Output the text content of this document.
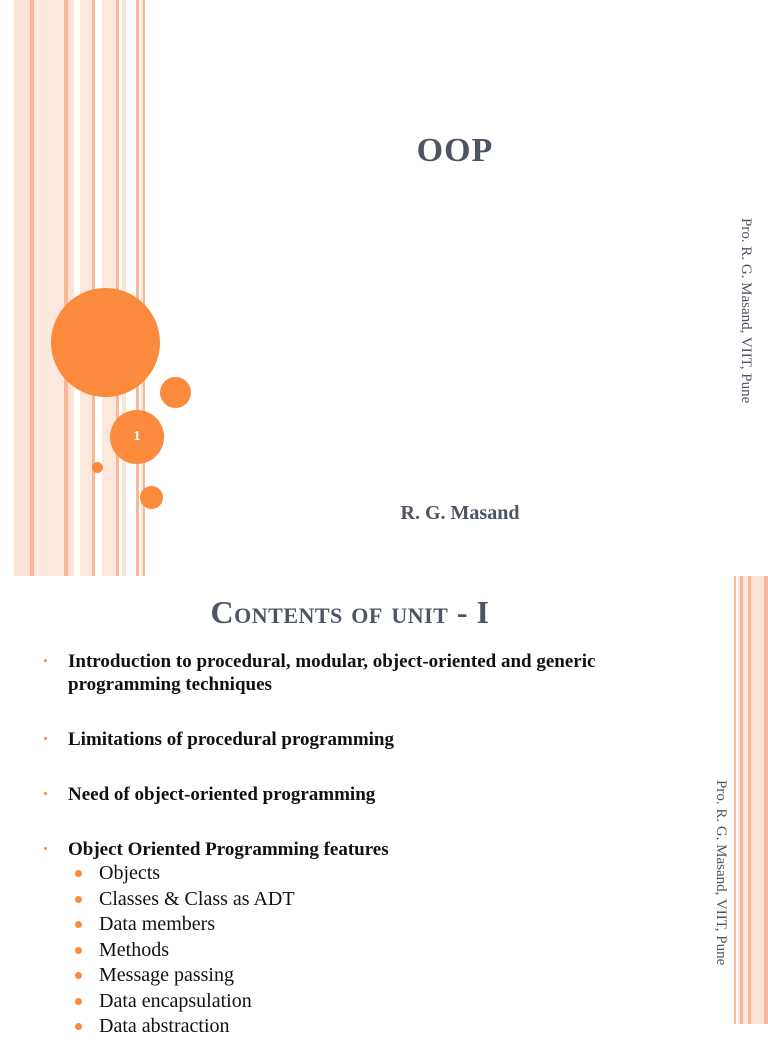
1
OOP
R. G. Masand
Pro. R. G. Masand, VIIT, Pune
Contents of unit - I
Introduction to procedural, modular, object-oriented and generic programming techniques
Limitations of procedural programming
Need of object-oriented programming
Object Oriented Programming features
Objects
Classes & Class as ADT
Data members
Methods
Message passing
Data encapsulation
Data abstraction
Pro. R. G. Masand, VIIT, Pune
